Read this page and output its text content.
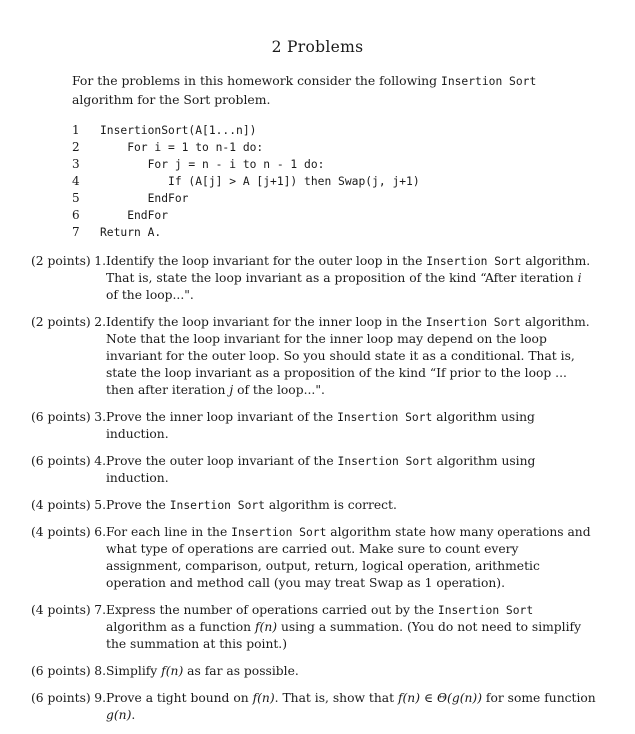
2 Problems
For the problems in this homework consider the following Insertion Sort algorithm for the Sort problem.
1	InsertionSort(A[1...n])
2	For i = 1 to n-1 do:
3	For j = n - i to n - 1 do:
4	If (A[j] > A [j+1]) then Swap(j, j+1)
5	EndFor
6	EndFor
7	Return A.
(2 points) 1. Identify the loop invariant for the outer loop in the Insertion Sort algorithm. That is, state the loop invariant as a proposition of the kind “After iteration i of the loop...".
(2 points) 2. Identify the loop invariant for the inner loop in the Insertion Sort algorithm. Note that the loop invariant for the inner loop may depend on the loop invariant for the outer loop. So you should state it as a conditional. That is, state the loop invariant as a proposition of the kind “If prior to the loop ... then after iteration j of the loop...".
(6 points) 3. Prove the inner loop invariant of the Insertion Sort algorithm using induction.
(6 points) 4. Prove the outer loop invariant of the Insertion Sort algorithm using induction.
(4 points) 5. Prove the Insertion Sort algorithm is correct.
(4 points) 6. For each line in the Insertion Sort algorithm state how many operations and what type of operations are carried out. Make sure to count every assignment, comparison, output, return, logical operation, arithmetic operation and method call (you may treat Swap as 1 operation).
(4 points) 7. Express the number of operations carried out by the Insertion Sort algorithm as a function f(n) using a summation. (You do not need to simplify the summation at this point.)
(6 points) 8. Simplify f(n) as far as possible.
(6 points) 9. Prove a tight bound on f(n). That is, show that f(n) ∈ Θ(g(n)) for some function g(n).
